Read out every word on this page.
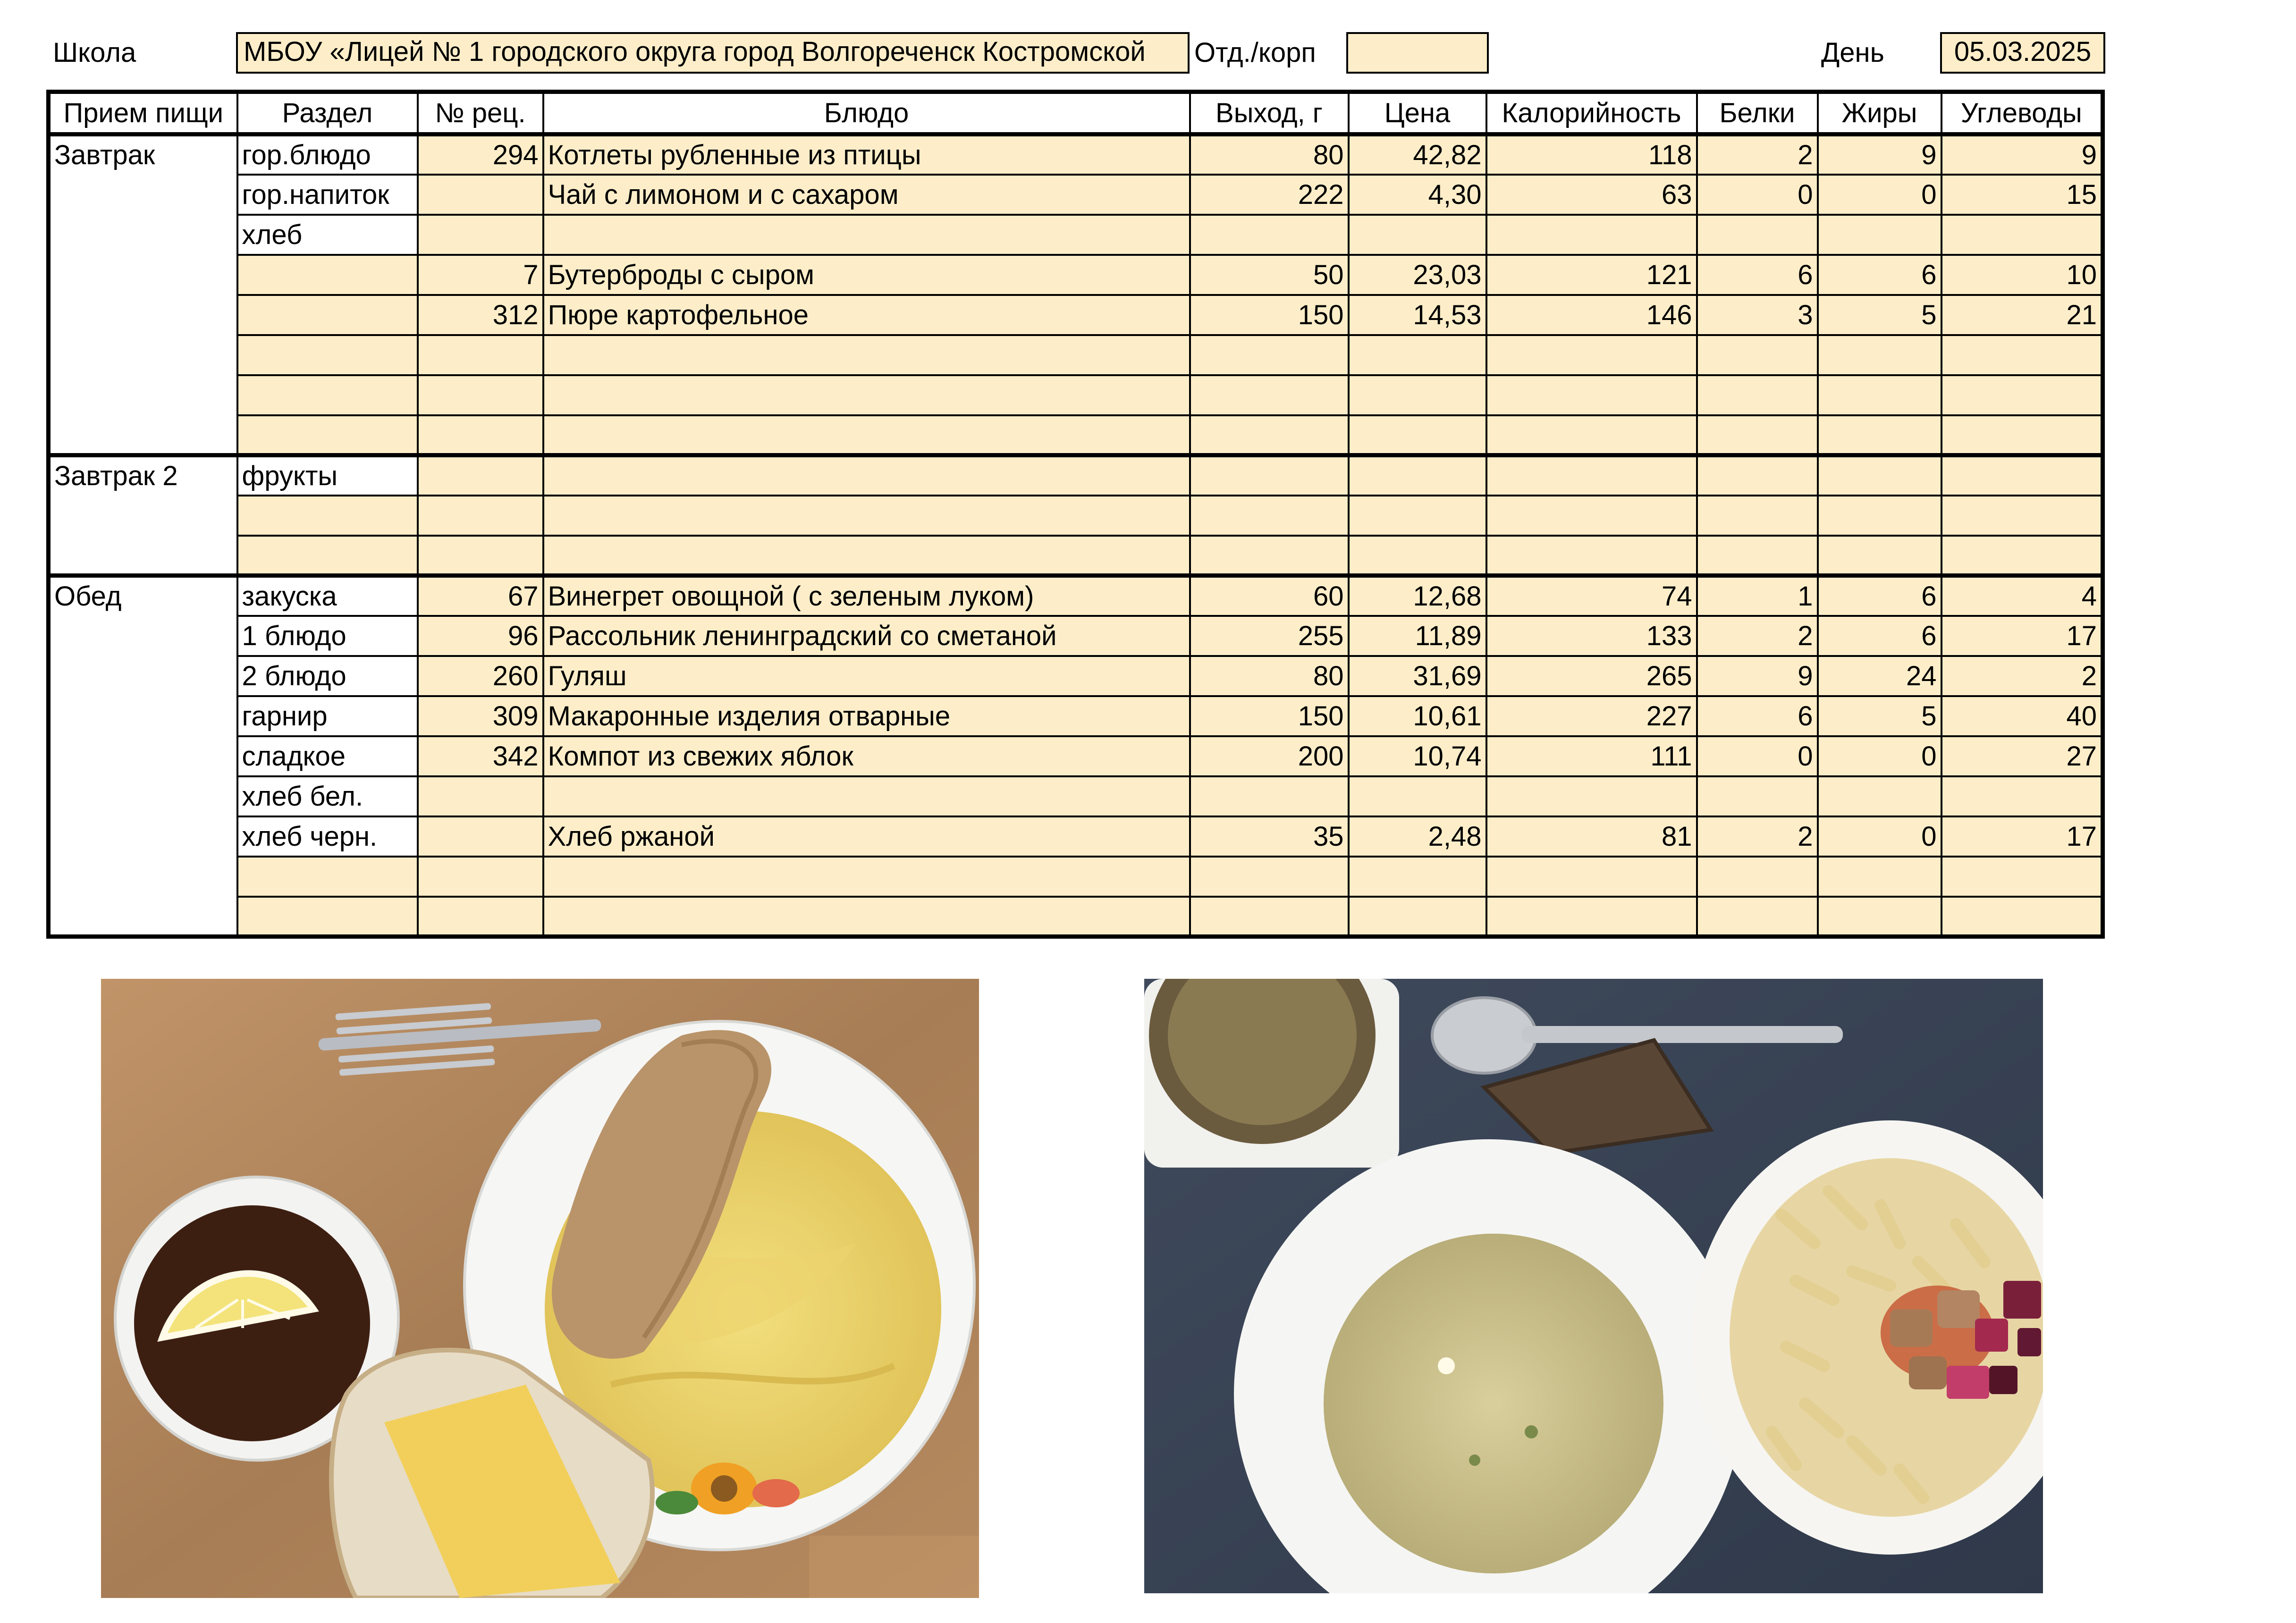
Школа	МБОУ «Лицей № 1 городского округа город Волгореченск Костромской	Отд./корп	День	05.03.2025
Прием пищи	Раздел	№ рец.	Блюдо	Выход, г	Цена	Калорийность	Белки	Жиры	Углеводы
Завтрак	гор.блюдо	294	Котлеты рубленные из птицы	80	42,82	118	2	9	9
	гор.напиток		Чай с лимоном и с сахаром	222	4,30	63	0	0	15
	хлеб								
		7	Бутерброды с сыром	50	23,03	121	6	6	10
		312	Пюре картофельное	150	14,53	146	3	5	21

Завтрак 2	фрукты								

Обед	закуска	67	Винегрет овощной ( с зеленым луком)	60	12,68	74	1	6	4
	1 блюдо	96	Рассольник ленинградский со сметаной	255	11,89	133	2	6	17
	2 блюдо	260	Гуляш	80	31,69	265	9	24	2
	гарнир	309	Макаронные изделия отварные	150	10,61	227	6	5	40
	сладкое	342	Компот из свежих яблок	200	10,74	111	0	0	27
	хлеб бел.								
	хлеб черн.		Хлеб ржаной	35	2,48	81	2	0	17
